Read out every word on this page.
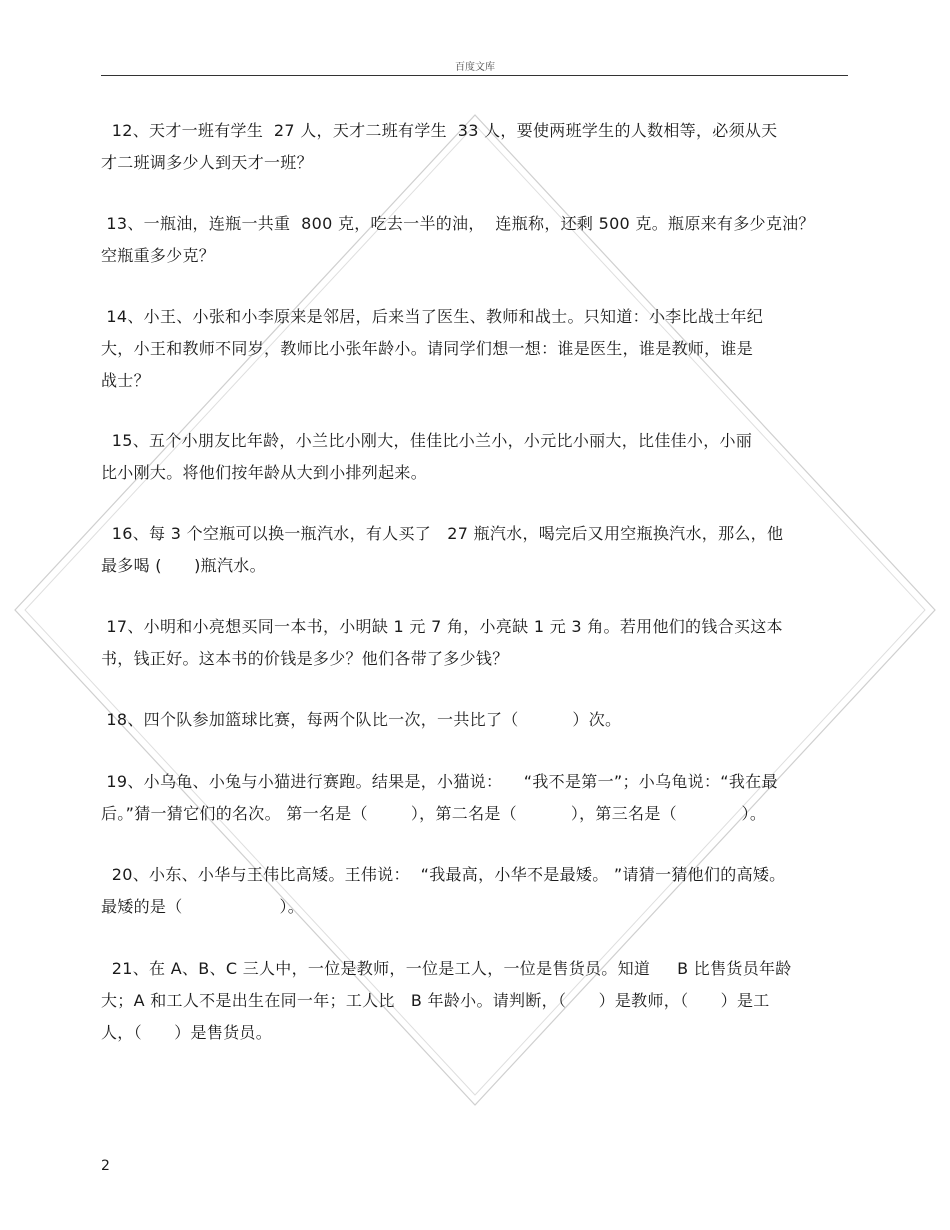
百度文库
12、天才一班有学生  27 人，天才二班有学生  33 人，要使两班学生的人数相等，必须从天
才二班调多少人到天才一班？
13、一瓶油，连瓶一共重  800 克，吃去一半的油，  连瓶称，还剩 500 克。瓶原来有多少克油？
空瓶重多少克？
14、小王、小张和小李原来是邻居，后来当了医生、教师和战士。只知道：小李比战士年纪
大，小王和教师不同岁，教师比小张年龄小。请同学们想一想：谁是医生，谁是教师，谁是
战士？
15、五个小朋友比年龄，小兰比小刚大，佳佳比小兰小，小元比小丽大，比佳佳小，小丽
比小刚大。将他们按年龄从大到小排列起来。
16、每 3 个空瓶可以换一瓶汽水，有人买了   27 瓶汽水，喝完后又用空瓶换汽水，那么，他
最多喝 (      )瓶汽水。
17、小明和小亮想买同一本书，小明缺 1 元 7 角，小亮缺 1 元 3 角。若用他们的钱合买这本
书，钱正好。这本书的价钱是多少？他们各带了多少钱？
18、四个队参加篮球比赛，每两个队比一次，一共比了（          ）次。
19、小乌龟、小兔与小猫进行赛跑。结果是，小猫说：    “我不是第一”；小乌龟说：“我在最
后。”猜一猜它们的名次。 第一名是（        ），第二名是（          ），第三名是（            ）。
20、小东、小华与王伟比高矮。王伟说：  “我最高，小华不是最矮。 ”请猜一猜他们的高矮。
最矮的是（                  ）。
21、在 A、B、C 三人中，一位是教师，一位是工人，一位是售货员。知道     B 比售货员年龄
大；A 和工人不是出生在同一年；工人比   B 年龄小。请判断，（      ）是教师，（      ）是工
人，（      ）是售货员。
2
